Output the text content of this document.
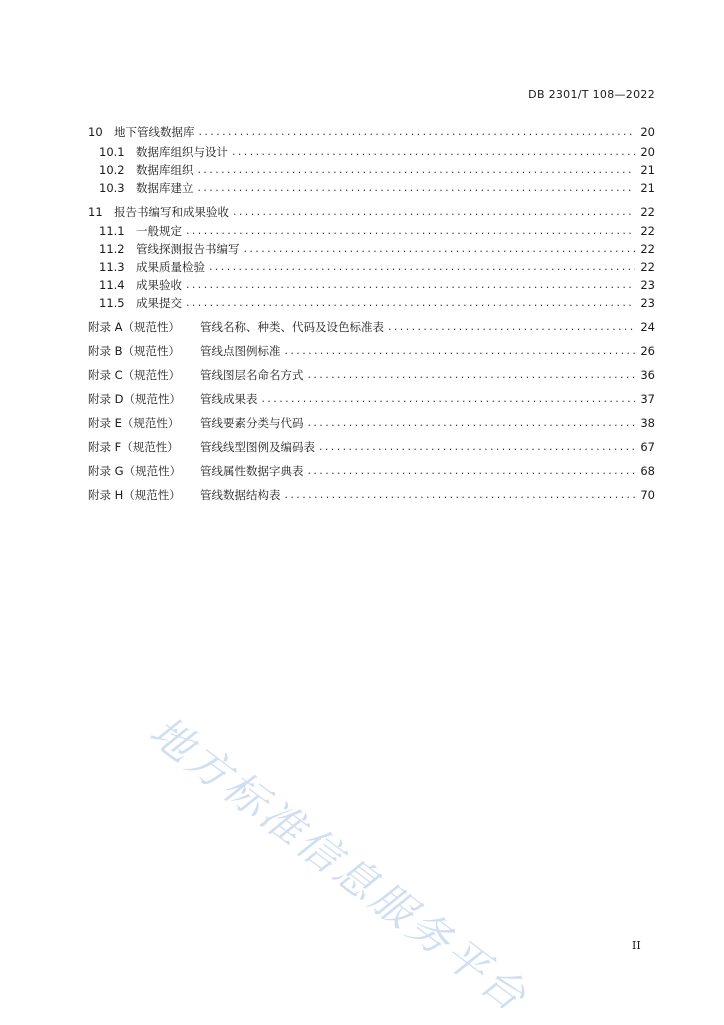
DB 2301/T 108—2022
10 地下管线数据库 .....	20
10.1 数据库组织与设计 .....	20
10.2 数据库组织 .....	21
10.3 数据库建立 .....	21
11 报告书编写和成果验收 .....	22
11.1 一般规定 .....	22
11.2 管线探测报告书编写 .....	22
11.3 成果质量检验 .....	22
11.4 成果验收 .....	23
11.5 成果提交 .....	23
附录 A（规范性）	管线名称、种类、代码及设色标准表 .....	24
附录 B（规范性）	管线点图例标准 .....	26
附录 C（规范性）	管线图层名命名方式 .....	36
附录 D（规范性）	管线成果表 .....	37
附录 E（规范性）	管线要素分类与代码 .....	38
附录 F（规范性）	管线线型图例及编码表 .....	67
附录 G（规范性）	管线属性数据字典表 .....	68
附录 H（规范性）	管线数据结构表 .....	70
地方标准信息服务平台	II
